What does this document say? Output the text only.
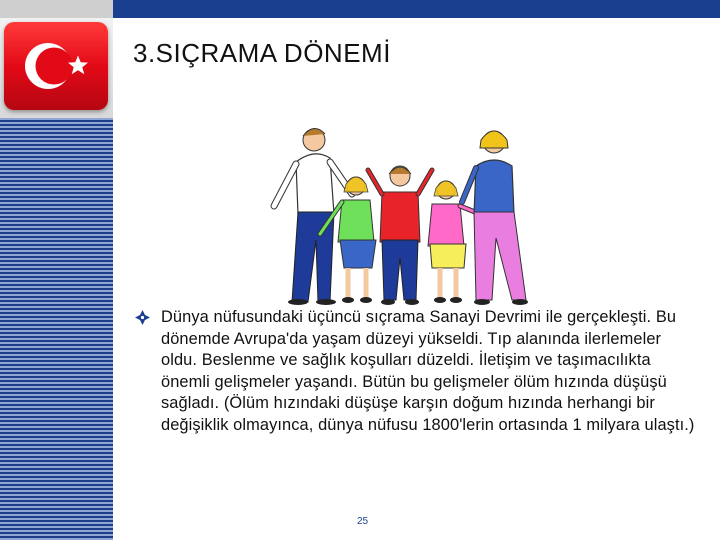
3.SIÇRAMA DÖNEMİ
Dünya nüfusundaki üçüncü sıçrama Sanayi Devrimi ile gerçekleşti. Bu dönemde Avrupa'da yaşam düzeyi yükseldi. Tıp alanında ilerlemeler oldu. Beslenme ve sağlık koşulları düzeldi. İletişim ve taşımacılıkta önemli gelişmeler yaşandı. Bütün bu gelişmeler ölüm hızında düşüşü sağladı. (Ölüm hızındaki düşüşe karşın doğum hızında herhangi bir değişiklik olmayınca, dünya nüfusu 1800'lerin ortasında 1 milyara ulaştı.)
25
